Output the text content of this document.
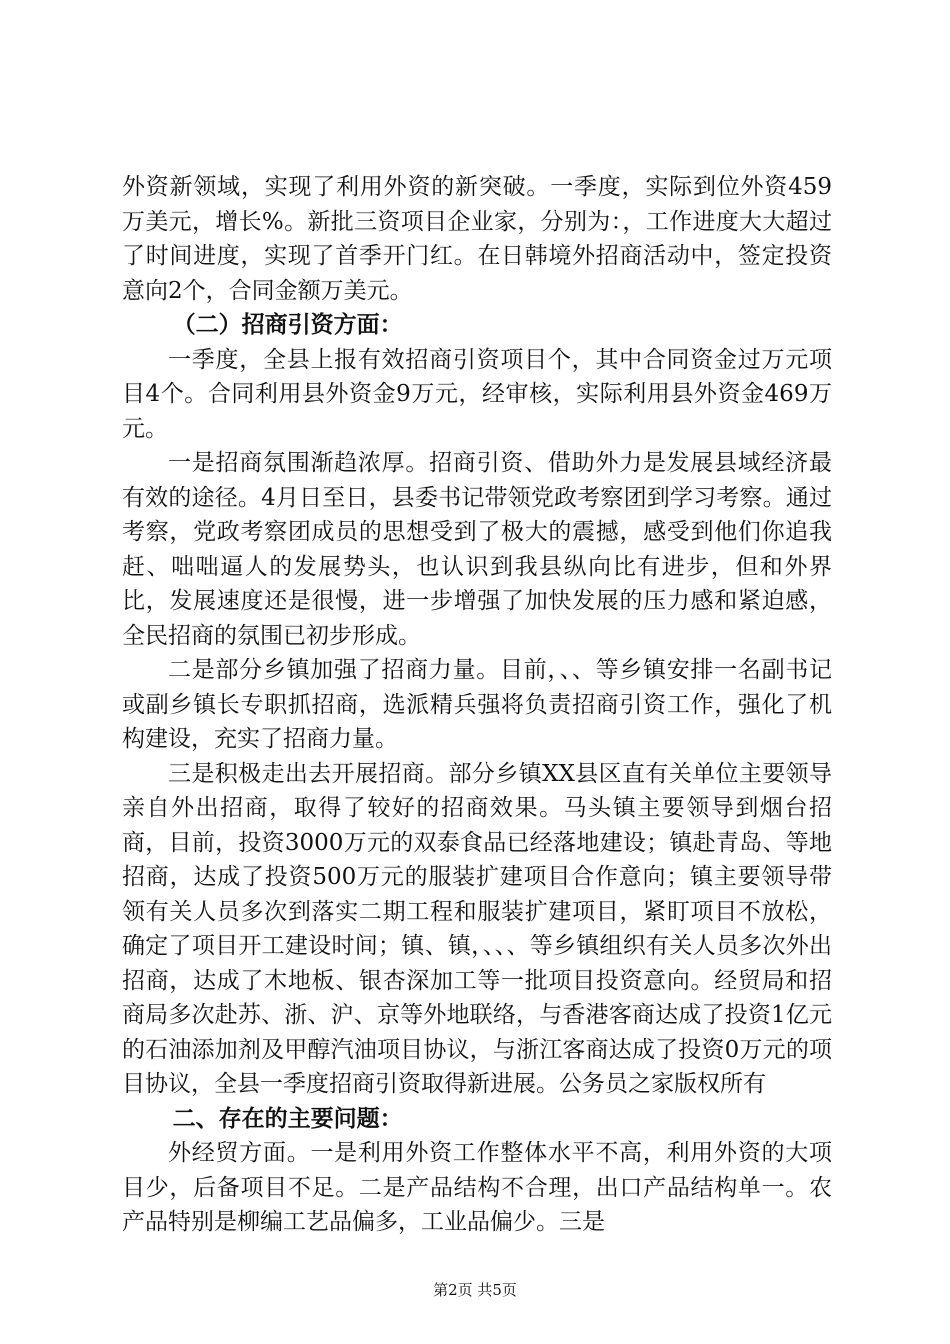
外资新领域，实现了利用外资的新突破。一季度，实际到位外资459万美元，增长%。新批三资项目企业家，分别为：，工作进度大大超过了时间进度，实现了首季开门红。在日韩境外招商活动中，签定投资意向2个，合同金额万美元。

（二）招商引资方面：

一季度，全县上报有效招商引资项目个，其中合同资金过万元项目4个。合同利用县外资金9万元，经审核，实际利用县外资金469万元。

一是招商氛围渐趋浓厚。招商引资、借助外力是发展县域经济最有效的途径。4月日至日，县委书记带领党政考察团到学习考察。通过考察，党政考察团成员的思想受到了极大的震撼，感受到他们你追我赶、咄咄逼人的发展势头，也认识到我县纵向比有进步，但和外界比，发展速度还是很慢，进一步增强了加快发展的压力感和紧迫感，全民招商的氛围已初步形成。

二是部分乡镇加强了招商力量。目前，、、等乡镇安排一名副书记或副乡镇长专职抓招商，选派精兵强将负责招商引资工作，强化了机构建设，充实了招商力量。

三是积极走出去开展招商。部分乡镇XX县区直有关单位主要领导亲自外出招商，取得了较好的招商效果。马头镇主要领导到烟台招商，目前，投资3000万元的双泰食品已经落地建设；镇赴青岛、等地招商，达成了投资500万元的服装扩建项目合作意向；镇主要领导带领有关人员多次到落实二期工程和服装扩建项目，紧盯项目不放松，确定了项目开工建设时间；镇、镇，、、、等乡镇组织有关人员多次外出招商，达成了木地板、银杏深加工等一批项目投资意向。经贸局和招商局多次赴苏、浙、沪、京等外地联络，与香港客商达成了投资1亿元的石油添加剂及甲醇汽油项目协议，与浙江客商达成了投资0万元的项目协议，全县一季度招商引资取得新进展。公务员之家版权所有

二、存在的主要问题：

外经贸方面。一是利用外资工作整体水平不高，利用外资的大项目少，后备项目不足。二是产品结构不合理，出口产品结构单一。农产品特别是柳编工艺品偏多，工业品偏少。三是

第2页 共5页
